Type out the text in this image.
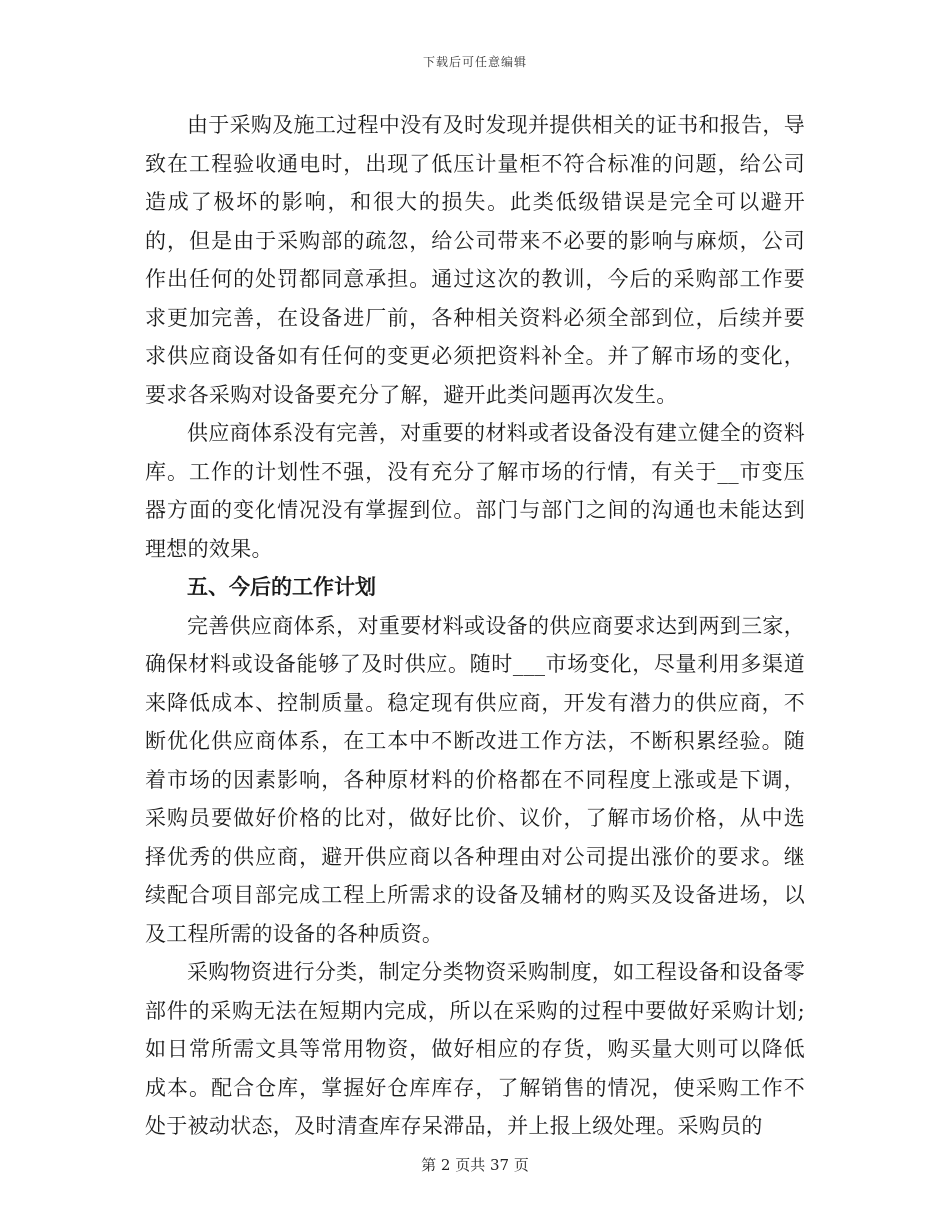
下载后可任意编辑

由于采购及施工过程中没有及时发现并提供相关的证书和报告，导致在工程验收通电时，出现了低压计量柜不符合标准的问题，给公司造成了极坏的影响，和很大的损失。此类低级错误是完全可以避开的，但是由于采购部的疏忽，给公司带来不必要的影响与麻烦，公司作出任何的处罚都同意承担。通过这次的教训，今后的采购部工作要求更加完善，在设备进厂前，各种相关资料必须全部到位，后续并要求供应商设备如有任何的变更必须把资料补全。并了解市场的变化，要求各采购对设备要充分了解，避开此类问题再次发生。

供应商体系没有完善，对重要的材料或者设备没有建立健全的资料库。工作的计划性不强，没有充分了解市场的行情，有关于__市变压器方面的变化情况没有掌握到位。部门与部门之间的沟通也未能达到理想的效果。

五、今后的工作计划

完善供应商体系，对重要材料或设备的供应商要求达到两到三家，确保材料或设备能够了及时供应。随时___市场变化，尽量利用多渠道来降低成本、控制质量。稳定现有供应商，开发有潜力的供应商，不断优化供应商体系，在工本中不断改进工作方法，不断积累经验。随着市场的因素影响，各种原材料的价格都在不同程度上涨或是下调，采购员要做好价格的比对，做好比价、议价，了解市场价格，从中选择优秀的供应商，避开供应商以各种理由对公司提出涨价的要求。继续配合项目部完成工程上所需求的设备及辅材的购买及设备进场，以及工程所需的设备的各种质资。

采购物资进行分类，制定分类物资采购制度，如工程设备和设备零部件的采购无法在短期内完成，所以在采购的过程中要做好采购计划;如日常所需文具等常用物资，做好相应的存货，购买量大则可以降低成本。配合仓库，掌握好仓库库存，了解销售的情况，使采购工作不处于被动状态，及时清查库存呆滞品，并上报上级处理。采购员的

第 2 页共 37 页
